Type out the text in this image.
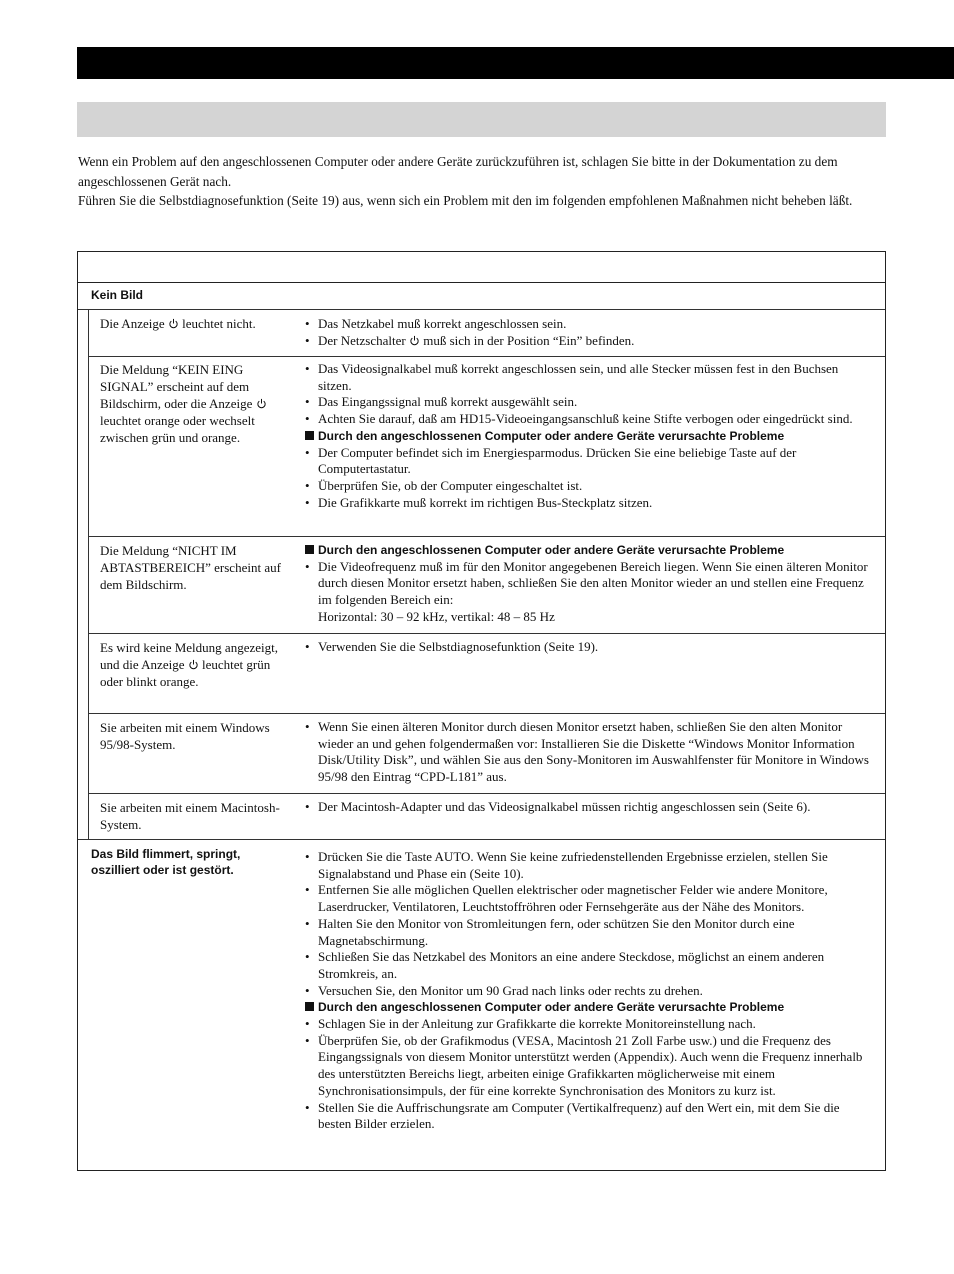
Wenn ein Problem auf den angeschlossenen Computer oder andere Geräte zurückzuführen ist, schlagen Sie bitte in der Dokumentation zu dem angeschlossenen Gerät nach.

Führen Sie die Selbstdiagnosefunktion (Seite 19) aus, wenn sich ein Problem mit den im folgenden empfohlenen Maßnahmen nicht beheben läßt.

Kein Bild
Die Anzeige leuchtet nicht.	• Das Netzkabel muß korrekt angeschlossen sein.
• Der Netzschalter muß sich in der Position “Ein” befinden.
Die Meldung “KEIN EING SIGNAL” erscheint auf dem Bildschirm, oder die Anzeige  leuchtet orange oder wechselt zwischen grün und orange.
• Das Videosignalkabel muß korrekt angeschlossen sein, und alle Stecker müssen fest in den Buchsen sitzen.
• Das Eingangssignal muß korrekt ausgewählt sein.
• Achten Sie darauf, daß am HD15-Videoeingangsanschluß keine Stifte verbogen oder eingedrückt sind.
Durch den angeschlossenen Computer oder andere Geräte verursachte Probleme
• Der Computer befindet sich im Energiesparmodus. Drücken Sie eine beliebige Taste auf der Computertastatur.
• Überprüfen Sie, ob der Computer eingeschaltet ist.
• Die Grafikkarte muß korrekt im richtigen Bus-Steckplatz sitzen.
Die Meldung “NICHT IM ABTASTBEREICH” erscheint auf dem Bildschirm.
Durch den angeschlossenen Computer oder andere Geräte verursachte Probleme
• Die Videofrequenz muß im für den Monitor angegebenen Bereich liegen. Wenn Sie einen älteren Monitor durch diesen Monitor ersetzt haben, schließen Sie den alten Monitor wieder an und stellen eine Frequenz im folgenden Bereich ein:
Horizontal: 30 – 92 kHz, vertikal: 48 – 85 Hz
Es wird keine Meldung angezeigt, und die Anzeige leuchtet grün oder blinkt orange.
• Verwenden Sie die Selbstdiagnosefunktion (Seite 19).
Sie arbeiten mit einem Windows 95/98-System.
• Wenn Sie einen älteren Monitor durch diesen Monitor ersetzt haben, schließen Sie den alten Monitor wieder an und gehen folgendermaßen vor: Installieren Sie die Diskette “Windows Monitor Information Disk/Utility Disk”, und wählen Sie aus den Sony-Monitoren im Auswahlfenster für Monitore in Windows 95/98 den Eintrag “CPD-L181” aus.
Sie arbeiten mit einem Macintosh-System.
• Der Macintosh-Adapter und das Videosignalkabel müssen richtig angeschlossen sein (Seite 6).
Das Bild flimmert, springt, oszilliert oder ist gestört.
• Drücken Sie die Taste AUTO. Wenn Sie keine zufriedenstellenden Ergebnisse erzielen, stellen Sie Signalabstand und Phase ein (Seite 10).
• Entfernen Sie alle möglichen Quellen elektrischer oder magnetischer Felder wie andere Monitore, Laserdrucker, Ventilatoren, Leuchtstoffröhren oder Fernsehgeräte aus der Nähe des Monitors.
• Halten Sie den Monitor von Stromleitungen fern, oder schützen Sie den Monitor durch eine Magnetabschirmung.
• Schließen Sie das Netzkabel des Monitors an eine andere Steckdose, möglichst an einem anderen Stromkreis, an.
• Versuchen Sie, den Monitor um 90 Grad nach links oder rechts zu drehen.
Durch den angeschlossenen Computer oder andere Geräte verursachte Probleme
• Schlagen Sie in der Anleitung zur Grafikkarte die korrekte Monitoreinstellung nach.
• Überprüfen Sie, ob der Grafikmodus (VESA, Macintosh 21 Zoll Farbe usw.) und die Frequenz des Eingangssignals von diesem Monitor unterstützt werden (Appendix). Auch wenn die Frequenz innerhalb des unterstützten Bereichs liegt, arbeiten einige Grafikkarten möglicherweise mit einem Synchronisationsimpuls, der für eine korrekte Synchronisation des Monitors zu kurz ist.
• Stellen Sie die Auffrischungsrate am Computer (Vertikalfrequenz) auf den Wert ein, mit dem Sie die besten Bilder erzielen.
